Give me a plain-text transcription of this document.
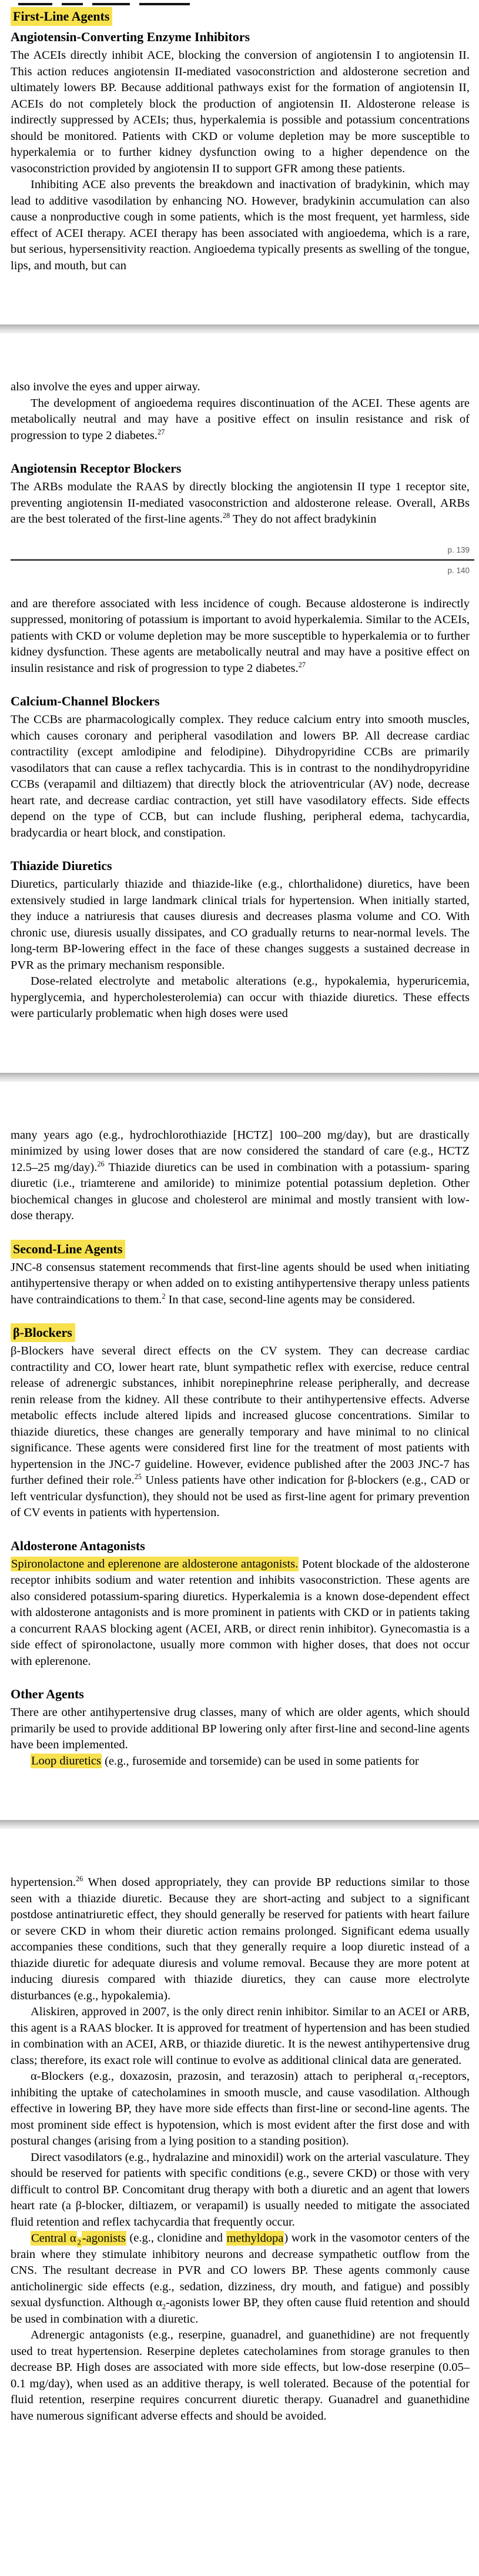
First-Line Agents
Angiotensin-Converting Enzyme Inhibitors

The ACEIs directly inhibit ACE, blocking the conversion of angiotensin I to angiotensin II. This action reduces angiotensin II-mediated vasoconstriction and aldosterone secretion and ultimately lowers BP. Because additional pathways exist for the formation of angiotensin II, ACEIs do not completely block the production of angiotensin II. Aldosterone release is indirectly suppressed by ACEIs; thus, hyperkalemia is possible and potassium concentrations should be monitored. Patients with CKD or volume depletion may be more susceptible to hyperkalemia or to further kidney dysfunction owing to a higher dependence on the vasoconstriction provided by angiotensin II to support GFR among these patients.

Inhibiting ACE also prevents the breakdown and inactivation of bradykinin, which may lead to additive vasodilation by enhancing NO. However, bradykinin accumulation can also cause a nonproductive cough in some patients, which is the most frequent, yet harmless, side effect of ACEI therapy. ACEI therapy has been associated with angioedema, which is a rare, but serious, hypersensitivity reaction. Angioedema typically presents as swelling of the tongue, lips, and mouth, but can

also involve the eyes and upper airway.

The development of angioedema requires discontinuation of the ACEI. These agents are metabolically neutral and may have a positive effect on insulin resistance and risk of progression to type 2 diabetes.$^{27}$

Angiotensin Receptor Blockers

The ARBs modulate the RAAS by directly blocking the angiotensin II type 1 receptor site, preventing angiotensin II-mediated vasoconstriction and aldosterone release. Overall, ARBs are the best tolerated of the first-line agents.$^{28}$ They do not affect bradykinin

p. 139
p. 140

and are therefore associated with less incidence of cough. Because aldosterone is indirectly suppressed, monitoring of potassium is important to avoid hyperkalemia. Similar to the ACEIs, patients with CKD or volume depletion may be more susceptible to hyperkalemia or to further kidney dysfunction. These agents are metabolically neutral and may have a positive effect on insulin resistance and risk of progression to type 2 diabetes.$^{27}$

Calcium-Channel Blockers

The CCBs are pharmacologically complex. They reduce calcium entry into smooth muscles, which causes coronary and peripheral vasodilation and lowers BP. All decrease cardiac contractility (except amlodipine and felodipine). Dihydropyridine CCBs are primarily vasodilators that can cause a reflex tachycardia. This is in contrast to the nondihydropyridine CCBs (verapamil and diltiazem) that directly block the atrioventricular (AV) node, decrease heart rate, and decrease cardiac contraction, yet still have vasodilatory effects. Side effects depend on the type of CCB, but can include flushing, peripheral edema, tachycardia, bradycardia or heart block, and constipation.

Thiazide Diuretics

Diuretics, particularly thiazide and thiazide-like (e.g., chlorthalidone) diuretics, have been extensively studied in large landmark clinical trials for hypertension. When initially started, they induce a natriuresis that causes diuresis and decreases plasma volume and CO. With chronic use, diuresis usually dissipates, and CO gradually returns to near-normal levels. The long-term BP-lowering effect in the face of these changes suggests a sustained decrease in PVR as the primary mechanism responsible.

Dose-related electrolyte and metabolic alterations (e.g., hypokalemia, hyperuricemia, hyperglycemia, and hypercholesterolemia) can occur with thiazide diuretics. These effects were particularly problematic when high doses were used

many years ago (e.g., hydrochlorothiazide [HCTZ] 100–200 mg/day), but are drastically minimized by using lower doses that are now considered the standard of care (e.g., HCTZ 12.5–25 mg/day).$^{26}$ Thiazide diuretics can be used in combination with a potassium- sparing diuretic (i.e., triamterene and amiloride) to minimize potential potassium depletion. Other biochemical changes in glucose and cholesterol are minimal and mostly transient with low-dose therapy.

Second-Line Agents

JNC-8 consensus statement recommends that first-line agents should be used when initiating antihypertensive therapy or when added on to existing antihypertensive therapy unless patients have contraindications to them.$^2$ In that case, second-line agents may be considered.

β-Blockers

β-Blockers have several direct effects on the CV system. They can decrease cardiac contractility and CO, lower heart rate, blunt sympathetic reflex with exercise, reduce central release of adrenergic substances, inhibit norepinephrine release peripherally, and decrease renin release from the kidney. All these contribute to their antihypertensive effects. Adverse metabolic effects include altered lipids and increased glucose concentrations. Similar to thiazide diuretics, these changes are generally temporary and have minimal to no clinical significance. These agents were considered first line for the treatment of most patients with hypertension in the JNC-7 guideline. However, evidence published after the 2003 JNC-7 has further defined their role.$^{25}$ Unless patients have other indication for β-blockers (e.g., CAD or left ventricular dysfunction), they should not be used as first-line agent for primary prevention of CV events in patients with hypertension.

Aldosterone Antagonists

Spironolactone and eplerenone are aldosterone antagonists. Potent blockade of the aldosterone receptor inhibits sodium and water retention and inhibits vasoconstriction. These agents are also considered potassium-sparing diuretics. Hyperkalemia is a known dose-dependent effect with aldosterone antagonists and is more prominent in patients with CKD or in patients taking a concurrent RAAS blocking agent (ACEI, ARB, or direct renin inhibitor). Gynecomastia is a side effect of spironolactone, usually more common with higher doses, that does not occur with eplerenone.

Other Agents

There are other antihypertensive drug classes, many of which are older agents, which should primarily be used to provide additional BP lowering only after first-line and second-line agents have been implemented.

Loop diuretics (e.g., furosemide and torsemide) can be used in some patients for

hypertension.$^{26}$ When dosed appropriately, they can provide BP reductions similar to those seen with a thiazide diuretic. Because they are short-acting and subject to a significant postdose antinatriuretic effect, they should generally be reserved for patients with heart failure or severe CKD in whom their diuretic action remains prolonged. Significant edema usually accompanies these conditions, such that they generally require a loop diuretic instead of a thiazide diuretic for adequate diuresis and volume removal. Because they are more potent at inducing diuresis compared with thiazide diuretics, they can cause more electrolyte disturbances (e.g., hypokalemia).

Aliskiren, approved in 2007, is the only direct renin inhibitor. Similar to an ACEI or ARB, this agent is a RAAS blocker. It is approved for treatment of hypertension and has been studied in combination with an ACEI, ARB, or thiazide diuretic. It is the newest antihypertensive drug class; therefore, its exact role will continue to evolve as additional clinical data are generated.

α-Blockers (e.g., doxazosin, prazosin, and terazosin) attach to peripheral $\alpha_1$-receptors, inhibiting the uptake of catecholamines in smooth muscle, and cause vasodilation. Although effective in lowering BP, they have more side effects than first-line or second-line agents. The most prominent side effect is hypotension, which is most evident after the first dose and with postural changes (arising from a lying position to a standing position).

Direct vasodilators (e.g., hydralazine and minoxidil) work on the arterial vasculature. They should be reserved for patients with specific conditions (e.g., severe CKD) or those with very difficult to control BP. Concomitant drug therapy with both a diuretic and an agent that lowers heart rate (a β-blocker, diltiazem, or verapamil) is usually needed to mitigate the associated fluid retention and reflex tachycardia that frequently occur.

Central α $_2$-agonists (e.g., clonidine and methyldopa) work in the vasomotor centers of the brain where they stimulate inhibitory neurons and decrease sympathetic outflow from the CNS. The resultant decrease in PVR and CO lowers BP. These agents commonly cause anticholinergic side effects (e.g., sedation, dizziness, dry mouth, and fatigue) and possibly sexual dysfunction. Although $\alpha_2$-agonists lower BP, they often cause fluid retention and should be used in combination with a diuretic.

Adrenergic antagonists (e.g., reserpine, guanadrel, and guanethidine) are not frequently used to treat hypertension. Reserpine depletes catecholamines from storage granules to then decrease BP. High doses are associated with more side effects, but low-dose reserpine (0.05–0.1 mg/day), when used as an additive therapy, is well tolerated. Because of the potential for fluid retention, reserpine requires concurrent diuretic therapy. Guanadrel and guanethidine have numerous significant adverse effects and should be avoided.
